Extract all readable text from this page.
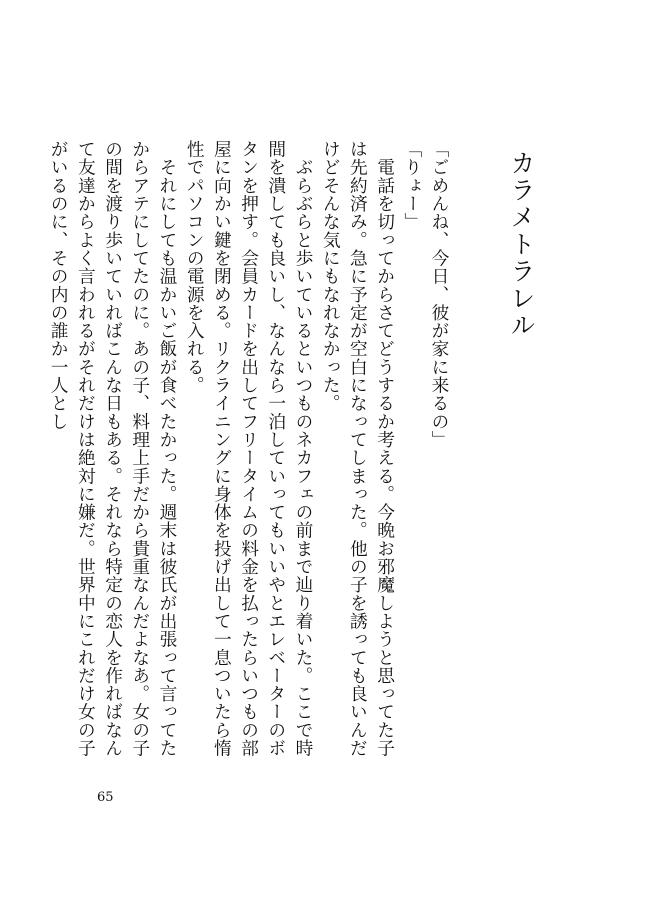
カラメトラレル

「ごめんね、今日、彼が家に来るの」

「りょー」

　電話を切ってからさてどうするか考える。今晩お邪魔しようと思ってた子は先約済み。急に予定が空白になってしまった。他の子を誘っても良いんだけどそんな気にもなれなかった。

　ぶらぶらと歩いているといつものネカフェの前まで辿り着いた。ここで時間を潰しても良いし、なんなら一泊していってもいいやとエレベーターのボタンを押す。会員カードを出してフリータイムの料金を払ったらいつもの部屋に向かい鍵を閉める。リクライニングに身体を投げ出して一息ついたら惰性でパソコンの電源を入れる。

　それにしても温かいご飯が食べたかった。週末は彼氏が出張って言ってたからアテにしてたのに。あの子、料理上手だから貴重なんだよなあ。女の子の間を渡り歩いていればこんな日もある。それなら特定の恋人を作ればなんて友達からよく言われるがそれだけは絶対に嫌だ。世界中にこれだけ女の子がいるのに、その内の誰か一人とし

65
